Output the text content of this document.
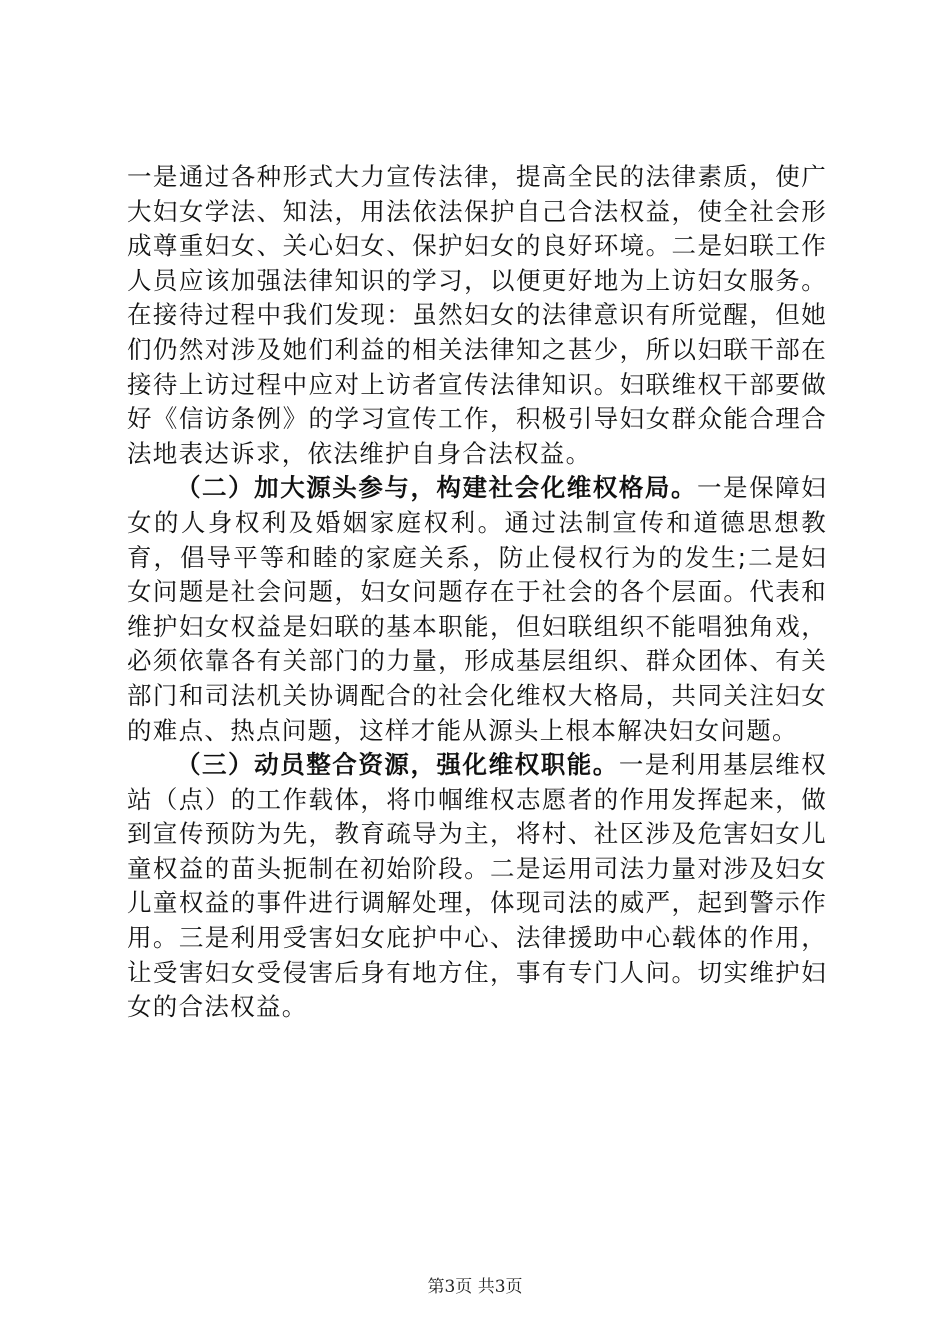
一是通过各种形式大力宣传法律，提高全民的法律素质，使广大妇女学法、知法，用法依法保护自己合法权益，使全社会形成尊重妇女、关心妇女、保护妇女的良好环境。二是妇联工作人员应该加强法律知识的学习，以便更好地为上访妇女服务。在接待过程中我们发现：虽然妇女的法律意识有所觉醒，但她们仍然对涉及她们利益的相关法律知之甚少，所以妇联干部在接待上访过程中应对上访者宣传法律知识。妇联维权干部要做好《信访条例》的学习宣传工作，积极引导妇女群众能合理合法地表达诉求，依法维护自身合法权益。

（二）加大源头参与，构建社会化维权格局。一是保障妇女的人身权利及婚姻家庭权利。通过法制宣传和道德思想教育，倡导平等和睦的家庭关系，防止侵权行为的发生;二是妇女问题是社会问题，妇女问题存在于社会的各个层面。代表和维护妇女权益是妇联的基本职能，但妇联组织不能唱独角戏，必须依靠各有关部门的力量，形成基层组织、群众团体、有关部门和司法机关协调配合的社会化维权大格局，共同关注妇女的难点、热点问题，这样才能从源头上根本解决妇女问题。

（三）动员整合资源，强化维权职能。一是利用基层维权站（点）的工作载体，将巾帼维权志愿者的作用发挥起来，做到宣传预防为先，教育疏导为主，将村、社区涉及危害妇女儿童权益的苗头扼制在初始阶段。二是运用司法力量对涉及妇女儿童权益的事件进行调解处理，体现司法的威严，起到警示作用。三是利用受害妇女庇护中心、法律援助中心载体的作用，让受害妇女受侵害后身有地方住，事有专门人问。切实维护妇女的合法权益。

第3页 共3页
